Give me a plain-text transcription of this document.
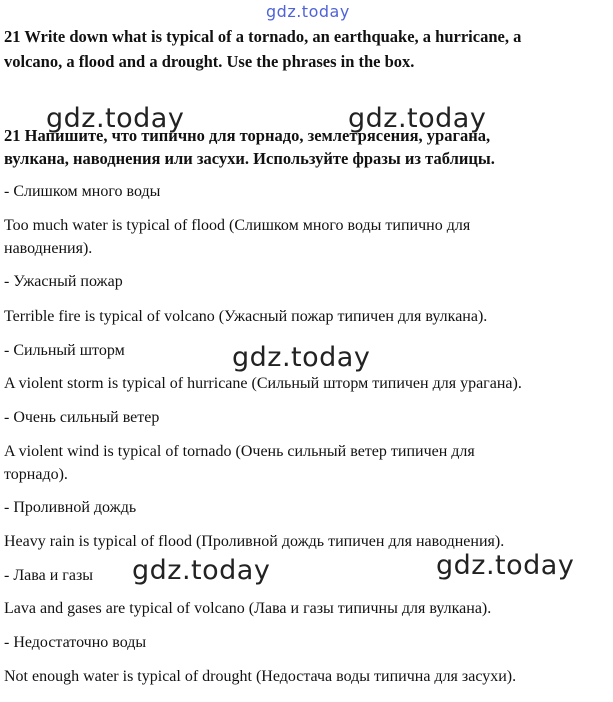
gdz.today
gdz.today	gdz.today
gdz.today
gdz.today	gdz.today
21 Write down what is typical of a tornado, an earthquake, a hurricane, a
volcano, a flood and a drought. Use the phrases in the box.
21 Напишите, что типично для торнадо, землетрясения, урагана,
вулкана, наводнения или засухи. Используйте фразы из таблицы.
- Слишком много воды
Too much water is typical of flood (Слишком много воды типично для
наводнения).
- Ужасный пожар
Terrible fire is typical of volcano (Ужасный пожар типичен для вулкана).
- Сильный шторм
A violent storm is typical of hurricane (Сильный шторм типичен для урагана).
- Очень сильный ветер
A violent wind is typical of tornado (Очень сильный ветер типичен для
торнадо).
- Проливной дождь
Heavy rain is typical of flood (Проливной дождь типичен для наводнения).
- Лава и газы
Lava and gases are typical of volcano (Лава и газы типичны для вулкана).
- Недостаточно воды
Not enough water is typical of drought (Недостача воды типична для засухи).
